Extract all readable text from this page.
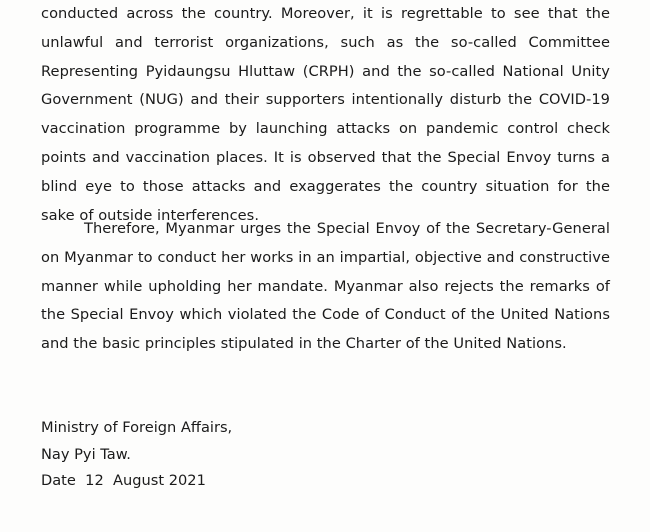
conducted across the country. Moreover, it is regrettable to see that the unlawful and terrorist organizations, such as the so-called Committee Representing Pyidaungsu Hluttaw (CRPH) and the so-called National Unity Government (NUG) and their supporters intentionally disturb the COVID-19 vaccination programme by launching attacks on pandemic control check points and vaccination places. It is observed that the Special Envoy turns a blind eye to those attacks and exaggerates the country situation for the sake of outside interferences.

Therefore, Myanmar urges the Special Envoy of the Secretary-General on Myanmar to conduct her works in an impartial, objective and constructive manner while upholding her mandate. Myanmar also rejects the remarks of the Special Envoy which violated the Code of Conduct of the United Nations and the basic principles stipulated in the Charter of the United Nations.

Ministry of Foreign Affairs,
Nay Pyi Taw.
Date  12  August 2021
